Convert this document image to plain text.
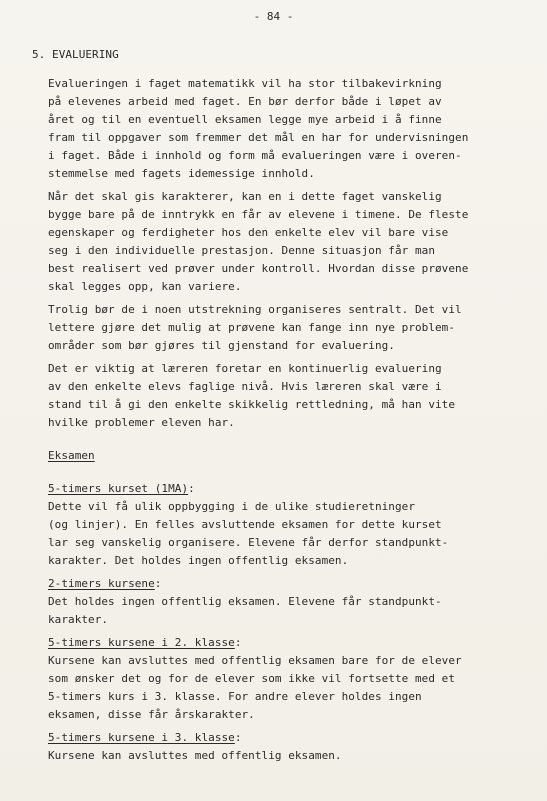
- 84 -
5. EVALUERING
Evalueringen i faget matematikk vil ha stor tilbakevirkning
på elevenes arbeid med faget. En bør derfor både i løpet av
året og til en eventuell eksamen legge mye arbeid i å finne
fram til oppgaver som fremmer det mål en har for undervisningen
i faget. Både i innhold og form må evalueringen være i overen-
stemmelse med fagets idemessige innhold.
Når det skal gis karakterer, kan en i dette faget vanskelig
bygge bare på de inntrykk en får av elevene i timene. De fleste
egenskaper og ferdigheter hos den enkelte elev vil bare vise
seg i den individuelle prestasjon. Denne situasjon får man
best realisert ved prøver under kontroll. Hvordan disse prøvene
skal legges opp, kan variere.
Trolig bør de i noen utstrekning organiseres sentralt. Det vil
lettere gjøre det mulig at prøvene kan fange inn nye problem-
områder som bør gjøres til gjenstand for evaluering.
Det er viktig at læreren foretar en kontinuerlig evaluering
av den enkelte elevs faglige nivå. Hvis læreren skal være i
stand til å gi den enkelte skikkelig rettledning, må han vite
hvilke problemer eleven har.
Eksamen
5-timers kurset (1MA):
Dette vil få ulik oppbygging i de ulike studieretninger
(og linjer). En felles avsluttende eksamen for dette kurset
lar seg vanskelig organisere. Elevene får derfor standpunkt-
karakter. Det holdes ingen offentlig eksamen.
2-timers kursene:
Det holdes ingen offentlig eksamen. Elevene får standpunkt-
karakter.
5-timers kursene i 2. klasse:
Kursene kan avsluttes med offentlig eksamen bare for de elever
som ønsker det og for de elever som ikke vil fortsette med et
5-timers kurs i 3. klasse. For andre elever holdes ingen
eksamen, disse får årskarakter.
5-timers kursene i 3. klasse:
Kursene kan avsluttes med offentlig eksamen.
